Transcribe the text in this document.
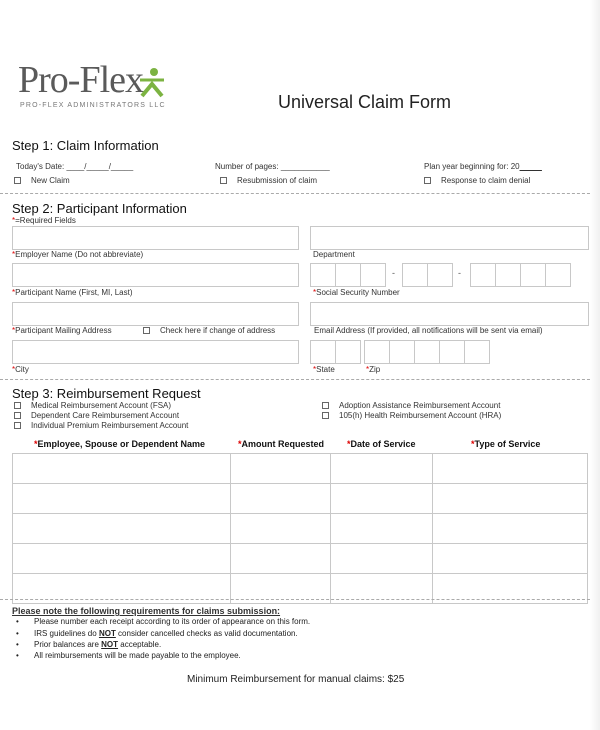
Pro-Flex
PRO-FLEX ADMINISTRATORS LLC	Universal Claim Form
Step 1: Claim Information
Today's Date: ____/_____/_____	Number of pages: ___________	Plan year beginning for: 20_____
New Claim	Resubmission of claim	Response to claim denial
Step 2: Participant Information
*=Required Fields
*Employer Name (Do not abbreviate)	Department
-	-
*Participant Name (First, MI, Last)	*Social Security Number
*Participant Mailing Address	Check here if change of address	Email Address (If provided, all notifications will be sent via email)
*City	*State	*Zip
Step 3: Reimbursement Request
Medical Reimbursement Account (FSA)
Dependent Care Reimbursement Account
Individual Premium Reimbursement Account
Adoption Assistance Reimbursement Account
105(h) Health Reimbursement Account (HRA)
*Employee, Spouse or Dependent Name	*Amount Requested	*Date of Service	*Type of Service

Please note the following requirements for claims submission:
• Please number each receipt according to its order of appearance on this form.
• IRS guidelines do NOT consider cancelled checks as valid documentation.
• Prior balances are NOT acceptable.
• All reimbursements will be made payable to the employee.
Minimum Reimbursement for manual claims: $25
